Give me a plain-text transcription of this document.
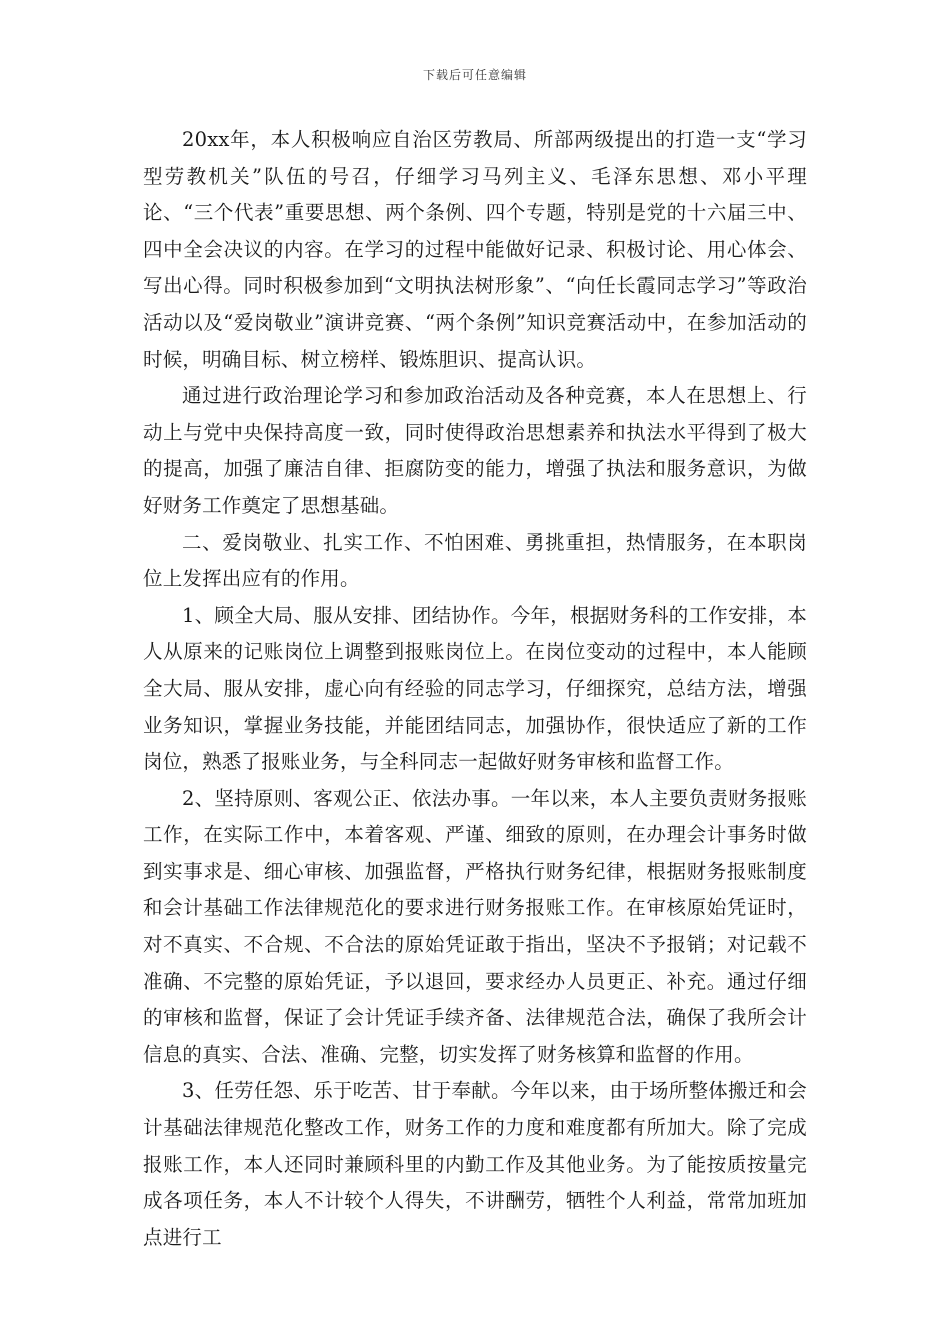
下载后可任意编辑

20xx年，本人积极响应自治区劳教局、所部两级提出的打造一支“学习型劳教机关”队伍的号召，仔细学习马列主义、毛泽东思想、邓小平理论、“三个代表”重要思想、两个条例、四个专题，特别是党的十六届三中、四中全会决议的内容。在学习的过程中能做好记录、积极讨论、用心体会、写出心得。同时积极参加到“文明执法树形象”、“向任长霞同志学习”等政治活动以及“爱岗敬业”演讲竞赛、“两个条例”知识竞赛活动中，在参加活动的时候，明确目标、树立榜样、锻炼胆识、提高认识。

通过进行政治理论学习和参加政治活动及各种竞赛，本人在思想上、行动上与党中央保持高度一致，同时使得政治思想素养和执法水平得到了极大的提高，加强了廉洁自律、拒腐防变的能力，增强了执法和服务意识，为做好财务工作奠定了思想基础。

二、爱岗敬业、扎实工作、不怕困难、勇挑重担，热情服务，在本职岗位上发挥出应有的作用。

1、顾全大局、服从安排、团结协作。今年，根据财务科的工作安排，本人从原来的记账岗位上调整到报账岗位上。在岗位变动的过程中，本人能顾全大局、服从安排，虚心向有经验的同志学习，仔细探究，总结方法，增强业务知识，掌握业务技能，并能团结同志，加强协作，很快适应了新的工作岗位，熟悉了报账业务，与全科同志一起做好财务审核和监督工作。

2、坚持原则、客观公正、依法办事。一年以来，本人主要负责财务报账工作，在实际工作中，本着客观、严谨、细致的原则，在办理会计事务时做到实事求是、细心审核、加强监督，严格执行财务纪律，根据财务报账制度和会计基础工作法律规范化的要求进行财务报账工作。在审核原始凭证时，对不真实、不合规、不合法的原始凭证敢于指出，坚决不予报销；对记载不准确、不完整的原始凭证，予以退回，要求经办人员更正、补充。通过仔细的审核和监督，保证了会计凭证手续齐备、法律规范合法，确保了我所会计信息的真实、合法、准确、完整，切实发挥了财务核算和监督的作用。

3、任劳任怨、乐于吃苦、甘于奉献。今年以来，由于场所整体搬迁和会计基础法律规范化整改工作，财务工作的力度和难度都有所加大。除了完成报账工作，本人还同时兼顾科里的内勤工作及其他业务。为了能按质按量完成各项任务，本人不计较个人得失，不讲酬劳，牺牲个人利益，常常加班加点进行工
